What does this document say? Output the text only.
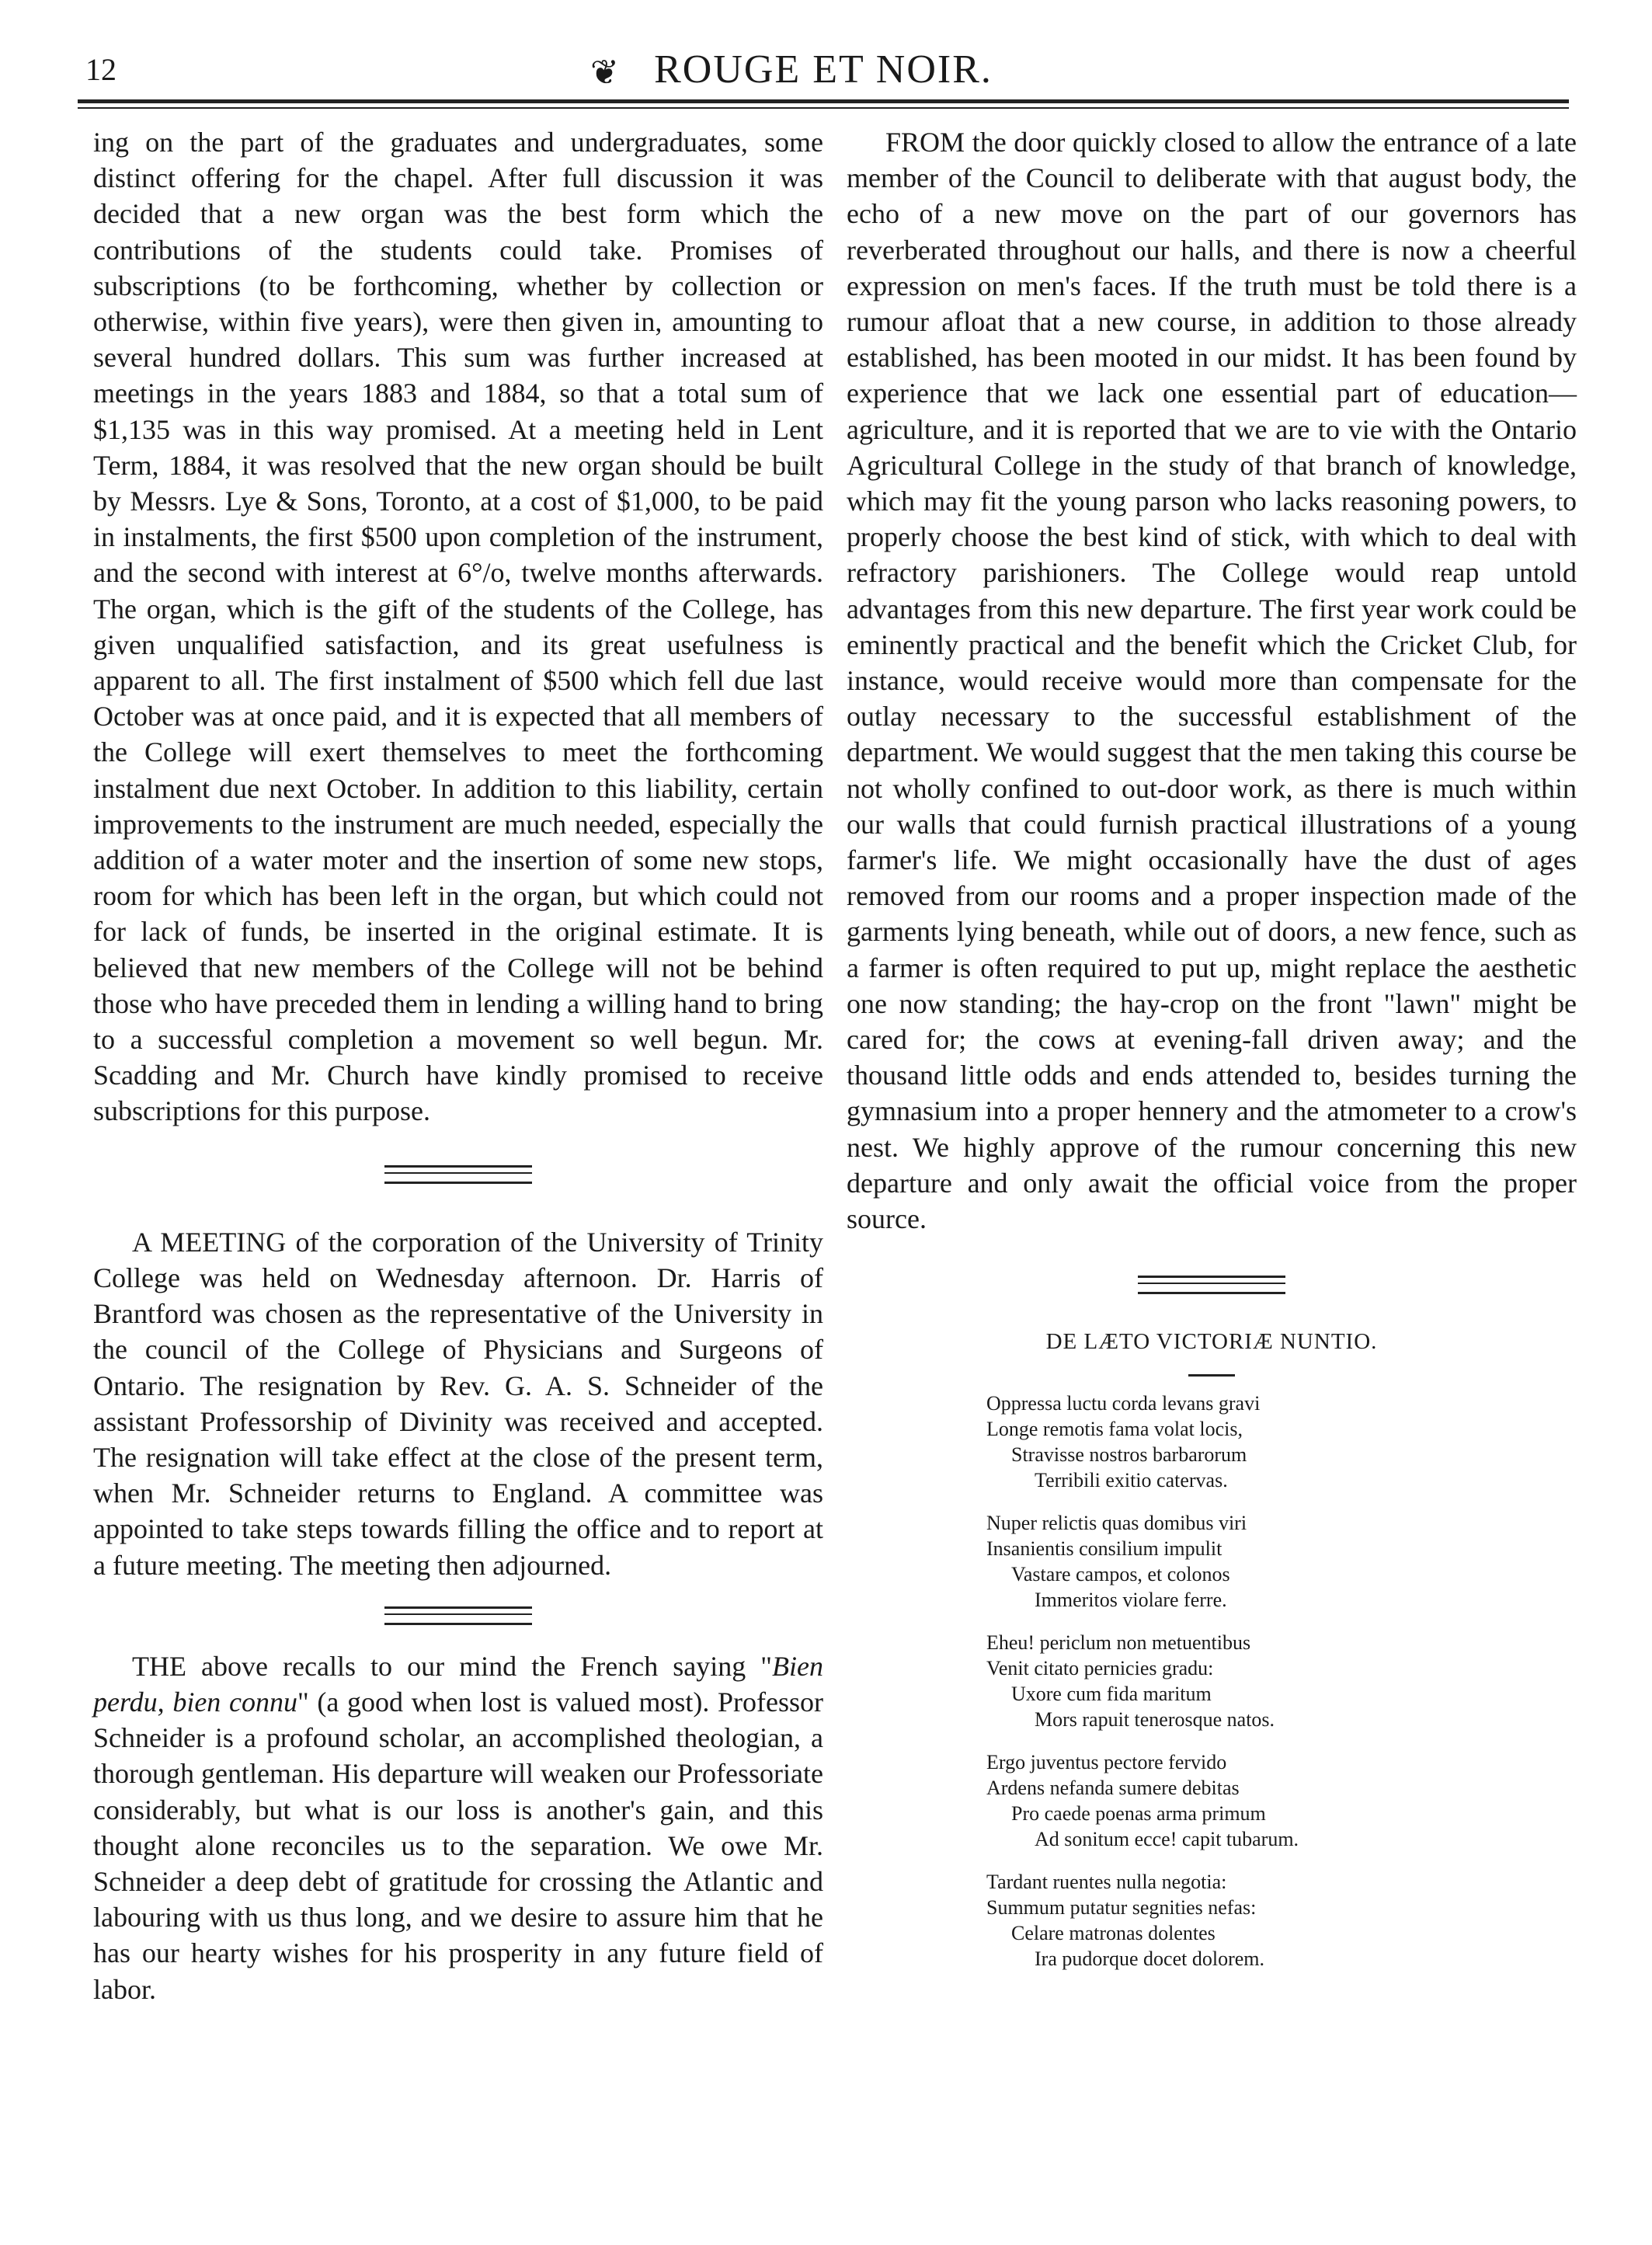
12	❦ ROUGE ET NOIR.

ing on the part of the graduates and undergraduates, some distinct offering for the chapel. After full discussion it was decided that a new organ was the best form which the contributions of the students could take. Promises of subscriptions (to be forthcoming, whether by collection or otherwise, within five years), were then given in, amounting to several hundred dollars. This sum was further increased at meetings in the years 1883 and 1884, so that a total sum of $1,135 was in this way promised. At a meeting held in Lent Term, 1884, it was resolved that the new organ should be built by Messrs. Lye & Sons, Toronto, at a cost of $1,000, to be paid in instalments, the first $500 upon completion of the instrument, and the second with interest at 6°/o, twelve months afterwards. The organ, which is the gift of the students of the College, has given unqualified satisfaction, and its great usefulness is apparent to all. The first instalment of $500 which fell due last October was at once paid, and it is expected that all members of the College will exert themselves to meet the forthcoming instalment due next October. In addition to this liability, certain improvements to the instrument are much needed, especially the addition of a water moter and the insertion of some new stops, room for which has been left in the organ, but which could not for lack of funds, be inserted in the original estimate. It is believed that new members of the College will not be behind those who have preceded them in lending a willing hand to bring to a successful completion a movement so well begun. Mr. Scadding and Mr. Church have kindly promised to receive subscriptions for this purpose.

A MEETING of the corporation of the University of Trinity College was held on Wednesday afternoon. Dr. Harris of Brantford was chosen as the representative of the University in the council of the College of Physicians and Surgeons of Ontario. The resignation by Rev. G. A. S. Schneider of the assistant Professorship of Divinity was received and accepted. The resignation will take effect at the close of the present term, when Mr. Schneider returns to England. A committee was appointed to take steps towards filling the office and to report at a future meeting. The meeting then adjourned.

THE above recalls to our mind the French saying "Bien perdu, bien connu" (a good when lost is valued most). Professor Schneider is a profound scholar, an accomplished theologian, a thorough gentleman. His departure will weaken our Professoriate considerably, but what is our loss is another's gain, and this thought alone reconciles us to the separation. We owe Mr. Schneider a deep debt of gratitude for crossing the Atlantic and labouring with us thus long, and we desire to assure him that he has our hearty wishes for his prosperity in any future field of labor.

FROM the door quickly closed to allow the entrance of a late member of the Council to deliberate with that august body, the echo of a new move on the part of our governors has reverberated throughout our halls, and there is now a cheerful expression on men's faces. If the truth must be told there is a rumour afloat that a new course, in addition to those already established, has been mooted in our midst. It has been found by experience that we lack one essential part of education—agriculture, and it is reported that we are to vie with the Ontario Agricultural College in the study of that branch of knowledge, which may fit the young parson who lacks reasoning powers, to properly choose the best kind of stick, with which to deal with refractory parishioners. The College would reap untold advantages from this new departure. The first year work could be eminently practical and the benefit which the Cricket Club, for instance, would receive would more than compensate for the outlay necessary to the successful establishment of the department. We would suggest that the men taking this course be not wholly confined to out-door work, as there is much within our walls that could furnish practical illustrations of a young farmer's life. We might occasionally have the dust of ages removed from our rooms and a proper inspection made of the garments lying beneath, while out of doors, a new fence, such as a farmer is often required to put up, might replace the aesthetic one now standing; the hay-crop on the front "lawn" might be cared for; the cows at evening-fall driven away; and the thousand little odds and ends attended to, besides turning the gymnasium into a proper hennery and the atmometer to a crow's nest. We highly approve of the rumour concerning this new departure and only await the official voice from the proper source.

DE LÆTO VICTORIÆ NUNTIO.

Oppressa luctu corda levans gravi
Longe remotis fama volat locis,
Stravisse nostros barbarorum
Terribili exitio catervas.
Nuper relictis quas domibus viri
Insanientis consilium impulit
Vastare campos, et colonos
Immeritos violare ferre.
Eheu! periclum non metuentibus
Venit citato pernicies gradu:
Uxore cum fida maritum
Mors rapuit tenerosque natos.
Ergo juventus pectore fervido
Ardens nefanda sumere debitas
Pro caede poenas arma primum
Ad sonitum ecce! capit tubarum.
Tardant ruentes nulla negotia:
Summum putatur segnities nefas:
Celare matronas dolentes
Ira pudorque docet dolorem.
